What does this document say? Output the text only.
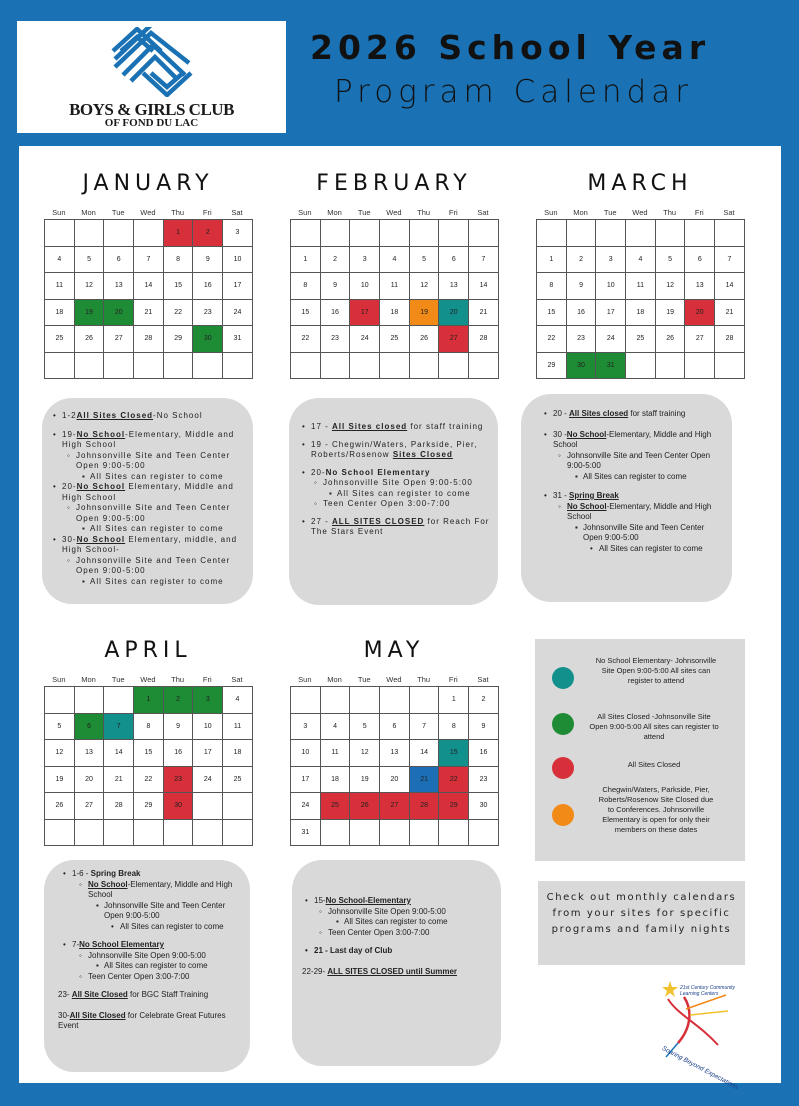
BOYS & GIRLS CLUB
OF FOND DU LAC
2026 School Year
Program Calendar
JANUARY
Sun	Mon	Tue	Wed	Thu	Fri	Sat
				1	2	3
4	5	6	7	8	9	10
11	12	13	14	15	16	17
18	19	20	21	22	23	24
25	26	27	28	29	30	31

FEBRUARY
Sun	Mon	Tue	Wed	Thu	Fri	Sat

1	2	3	4	5	6	7
8	9	10	11	12	13	14
15	16	17	18	19	20	21
22	23	24	25	26	27	28

MARCH
Sun	Mon	Tue	Wed	Thu	Fri	Sat

1	2	3	4	5	6	7
8	9	10	11	12	13	14
15	16	17	18	19	20	21
22	23	24	25	26	27	28
29	30	31				
• 1-2All Sites Closed-No School
• 19-No School-Elementary, Middle and High School
◦ Johnsonville Site and Teen Center Open 9:00-5:00
▪ All Sites can register to come
• 20-No School Elementary, Middle and High School
◦ Johnsonville Site and Teen Center Open 9:00-5:00
▪ All Sites can register to come
• 30-No School Elementary, middle, and High School-
◦ Johnsonville Site and Teen Center Open 9:00-5:00
▪ All Sites can register to come
• 17 - All Sites closed for staff training
• 19 - Chegwin/Waters, Parkside, Pier, Roberts/Rosenow Sites Closed
• 20-No School Elementary
◦ Johnsonville Site Open 9:00-5:00
▪ All Sites can register to come
◦ Teen Center Open 3:00-7:00
• 27 - ALL SITES CLOSED for Reach For The Stars Event
• 20 - All Sites closed for staff training
• 30 -No School-Elementary, Middle and High School
◦ Johnsonville Site and Teen Center Open 9:00-5:00
▪ All Sites can register to come
• 31 - Spring Break
◦ No School-Elementary, Middle and High School
▪ Johnsonville Site and Teen Center Open 9:00-5:00
• All Sites can register to come
APRIL
Sun	Mon	Tue	Wed	Thu	Fri	Sat
			1	2	3	4
5	6	7	8	9	10	11
12	13	14	15	16	17	18
19	20	21	22	23	24	25
26	27	28	29	30		

MAY
Sun	Mon	Tue	Wed	Thu	Fri	Sat
					1	2
3	4	5	6	7	8	9
10	11	12	13	14	15	16
17	18	19	20	21	22	23
24	25	26	27	28	29	30
31						
No School Elementary- Johnsonville Site Open 9:00-5:00 All sites can register to attend
All Sites Closed -Johnsonville Site Open 9:00-5:00 All sites can register to attend
All Sites Closed
Chegwin/Waters, Parkside, Pier, Roberts/Rosenow Site Closed due to Conferences. Johnsonville Elementary is open for only their members on these dates
• 1-6 - Spring Break
◦ No School-Elementary, Middle and High School
▪ Johnsonville Site and Teen Center Open 9:00-5:00
• All Sites can register to come
• 7-No School Elementary
◦ Johnsonville Site Open 9:00-5:00
▪ All Sites can register to come
◦ Teen Center Open 3:00-7:00
23- All Site Closed for BGC Staff Training
30-All Site Closed for Celebrate Great Futures Event
• 15-No School-Elementary
◦ Johnsonville Site Open 9:00-5:00
▪ All Sites can register to come
◦ Teen Center Open 3:00-7:00
• 21 - Last day of Club
22-29- ALL SITES CLOSED until Summer
Check out monthly calendars from your sites for specific programs and family nights
21st Century Community Learning Centers
Soaring Beyond Expectations
